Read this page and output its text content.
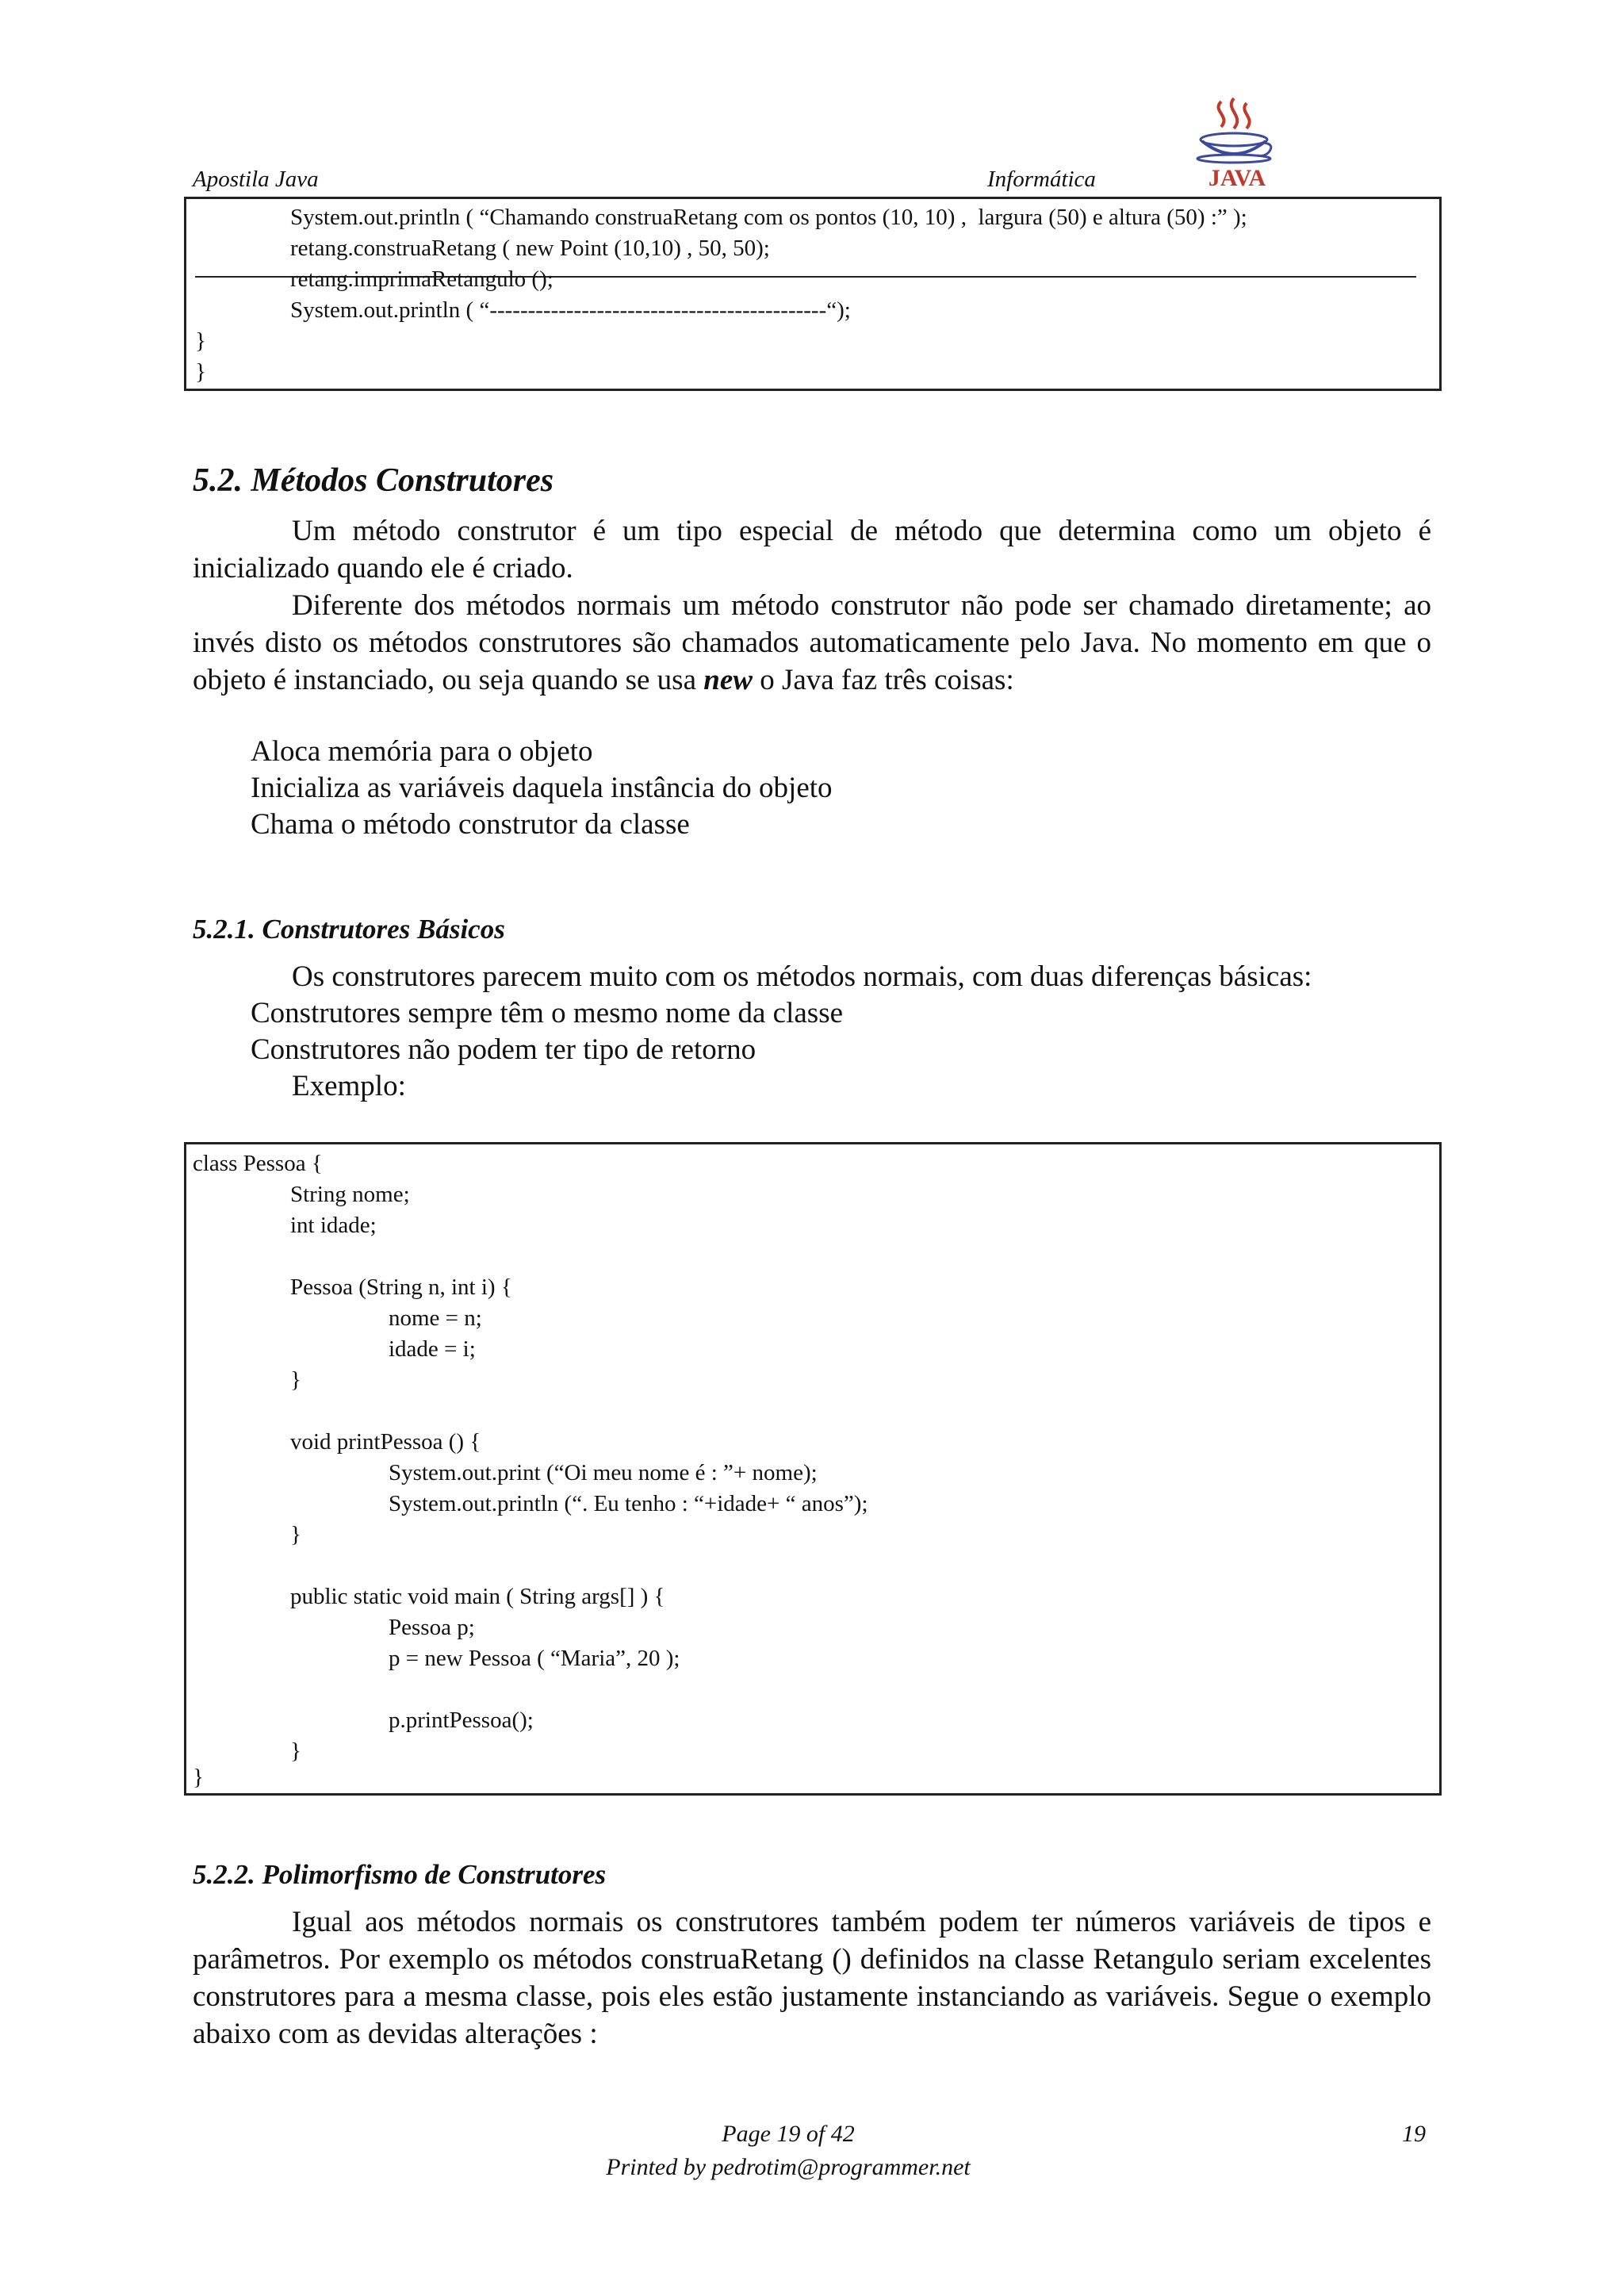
Apostila Java	Informática	JAVA
System.out.println ( “Chamando construaRetang com os pontos (10, 10) ,  largura (50) e altura (50) :” );
retang.construaRetang ( new Point (10,10) , 50, 50);
retang.imprimaRetangulo ();
System.out.println ( “--------------------------------------------“);
}
}
5.2. Métodos Construtores
Um método construtor é um tipo especial de método que determina como um objeto é inicializado quando ele é criado.
Diferente dos métodos normais um método construtor não pode ser chamado diretamente; ao invés disto os métodos construtores são chamados automaticamente pelo Java. No momento em que o objeto é instanciado, ou seja quando se usa new o Java faz três coisas:
Aloca memória para o objeto
Inicializa as variáveis daquela instância do objeto
Chama o método construtor da classe
5.2.1. Construtores Básicos
Os construtores parecem muito com os métodos normais, com duas diferenças básicas:
Construtores sempre têm o mesmo nome da classe
Construtores não podem ter tipo de retorno
Exemplo:
class Pessoa {
String nome;
int idade;
Pessoa (String n, int i) {
nome = n;
idade = i;
}
void printPessoa () {
System.out.print (“Oi meu nome é : ”+ nome);
System.out.println (“. Eu tenho : “+idade+ “ anos”);
}
public static void main ( String args[] ) {
Pessoa p;
p = new Pessoa ( “Maria”, 20 );
p.printPessoa();
}
}
5.2.2. Polimorfismo de Construtores
Igual aos métodos normais os construtores também podem ter números variáveis de tipos e parâmetros. Por exemplo os métodos construaRetang () definidos na classe Retangulo seriam excelentes construtores para a mesma classe, pois eles estão justamente instanciando as variáveis. Segue o exemplo abaixo com as devidas alterações :
Page 19 of 42
Printed by pedrotim@programmer.net
19
